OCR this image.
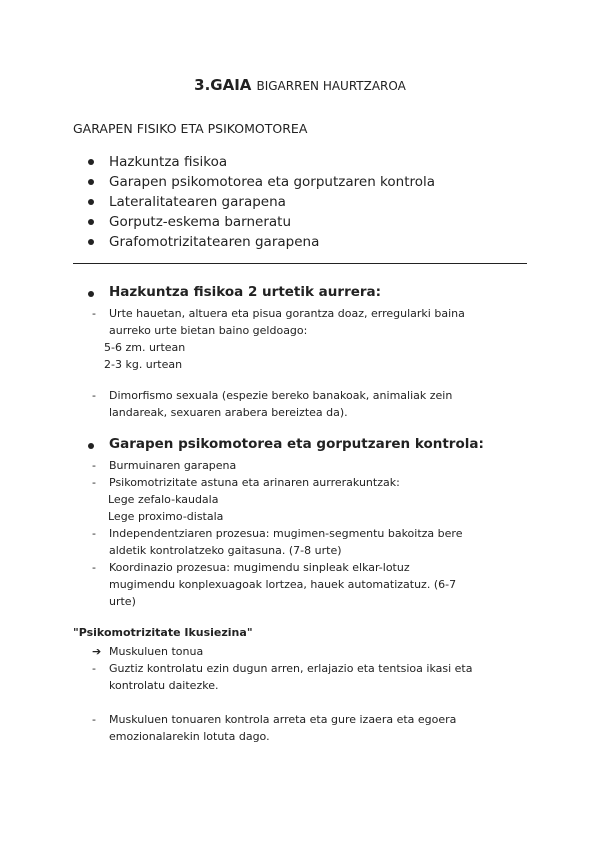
3.GAIA BIGARREN HAURTZAROA
GARAPEN FISIKO ETA PSIKOMOTOREA
Hazkuntza fisikoa
Garapen psikomotorea eta gorputzaren kontrola
Lateralitatearen garapena
Gorputz-eskema barneratu
Grafomotrizitatearen garapena
Hazkuntza fisikoa 2 urtetik aurrera:
- Urte hauetan, altuera eta pisua gorantza doaz, erregularki baina
aurreko urte bietan baino geldoago:
5-6 zm. urtean
2-3 kg. urtean
- Dimorfismo sexuala (espezie bereko banakoak, animaliak zein
landareak, sexuaren arabera bereiztea da).
Garapen psikomotorea eta gorputzaren kontrola:
- Burmuinaren garapena
- Psikomotrizitate astuna eta arinaren aurrerakuntzak:
Lege zefalo-kaudala
Lege proximo-distala
- Independentziaren prozesua: mugimen-segmentu bakoitza bere
aldetik kontrolatzeko gaitasuna. (7-8 urte)
- Koordinazio prozesua: mugimendu sinpleak elkar-lotuz
mugimendu konplexuagoak lortzea, hauek automatizatuz. (6-7
urte)
"Psikomotrizitate Ikusiezina"
➔ Muskuluen tonua
- Guztiz kontrolatu ezin dugun arren, erlajazio eta tentsioa ikasi eta
kontrolatu daitezke.
- Muskuluen tonuaren kontrola arreta eta gure izaera eta egoera
emozionalarekin lotuta dago.
